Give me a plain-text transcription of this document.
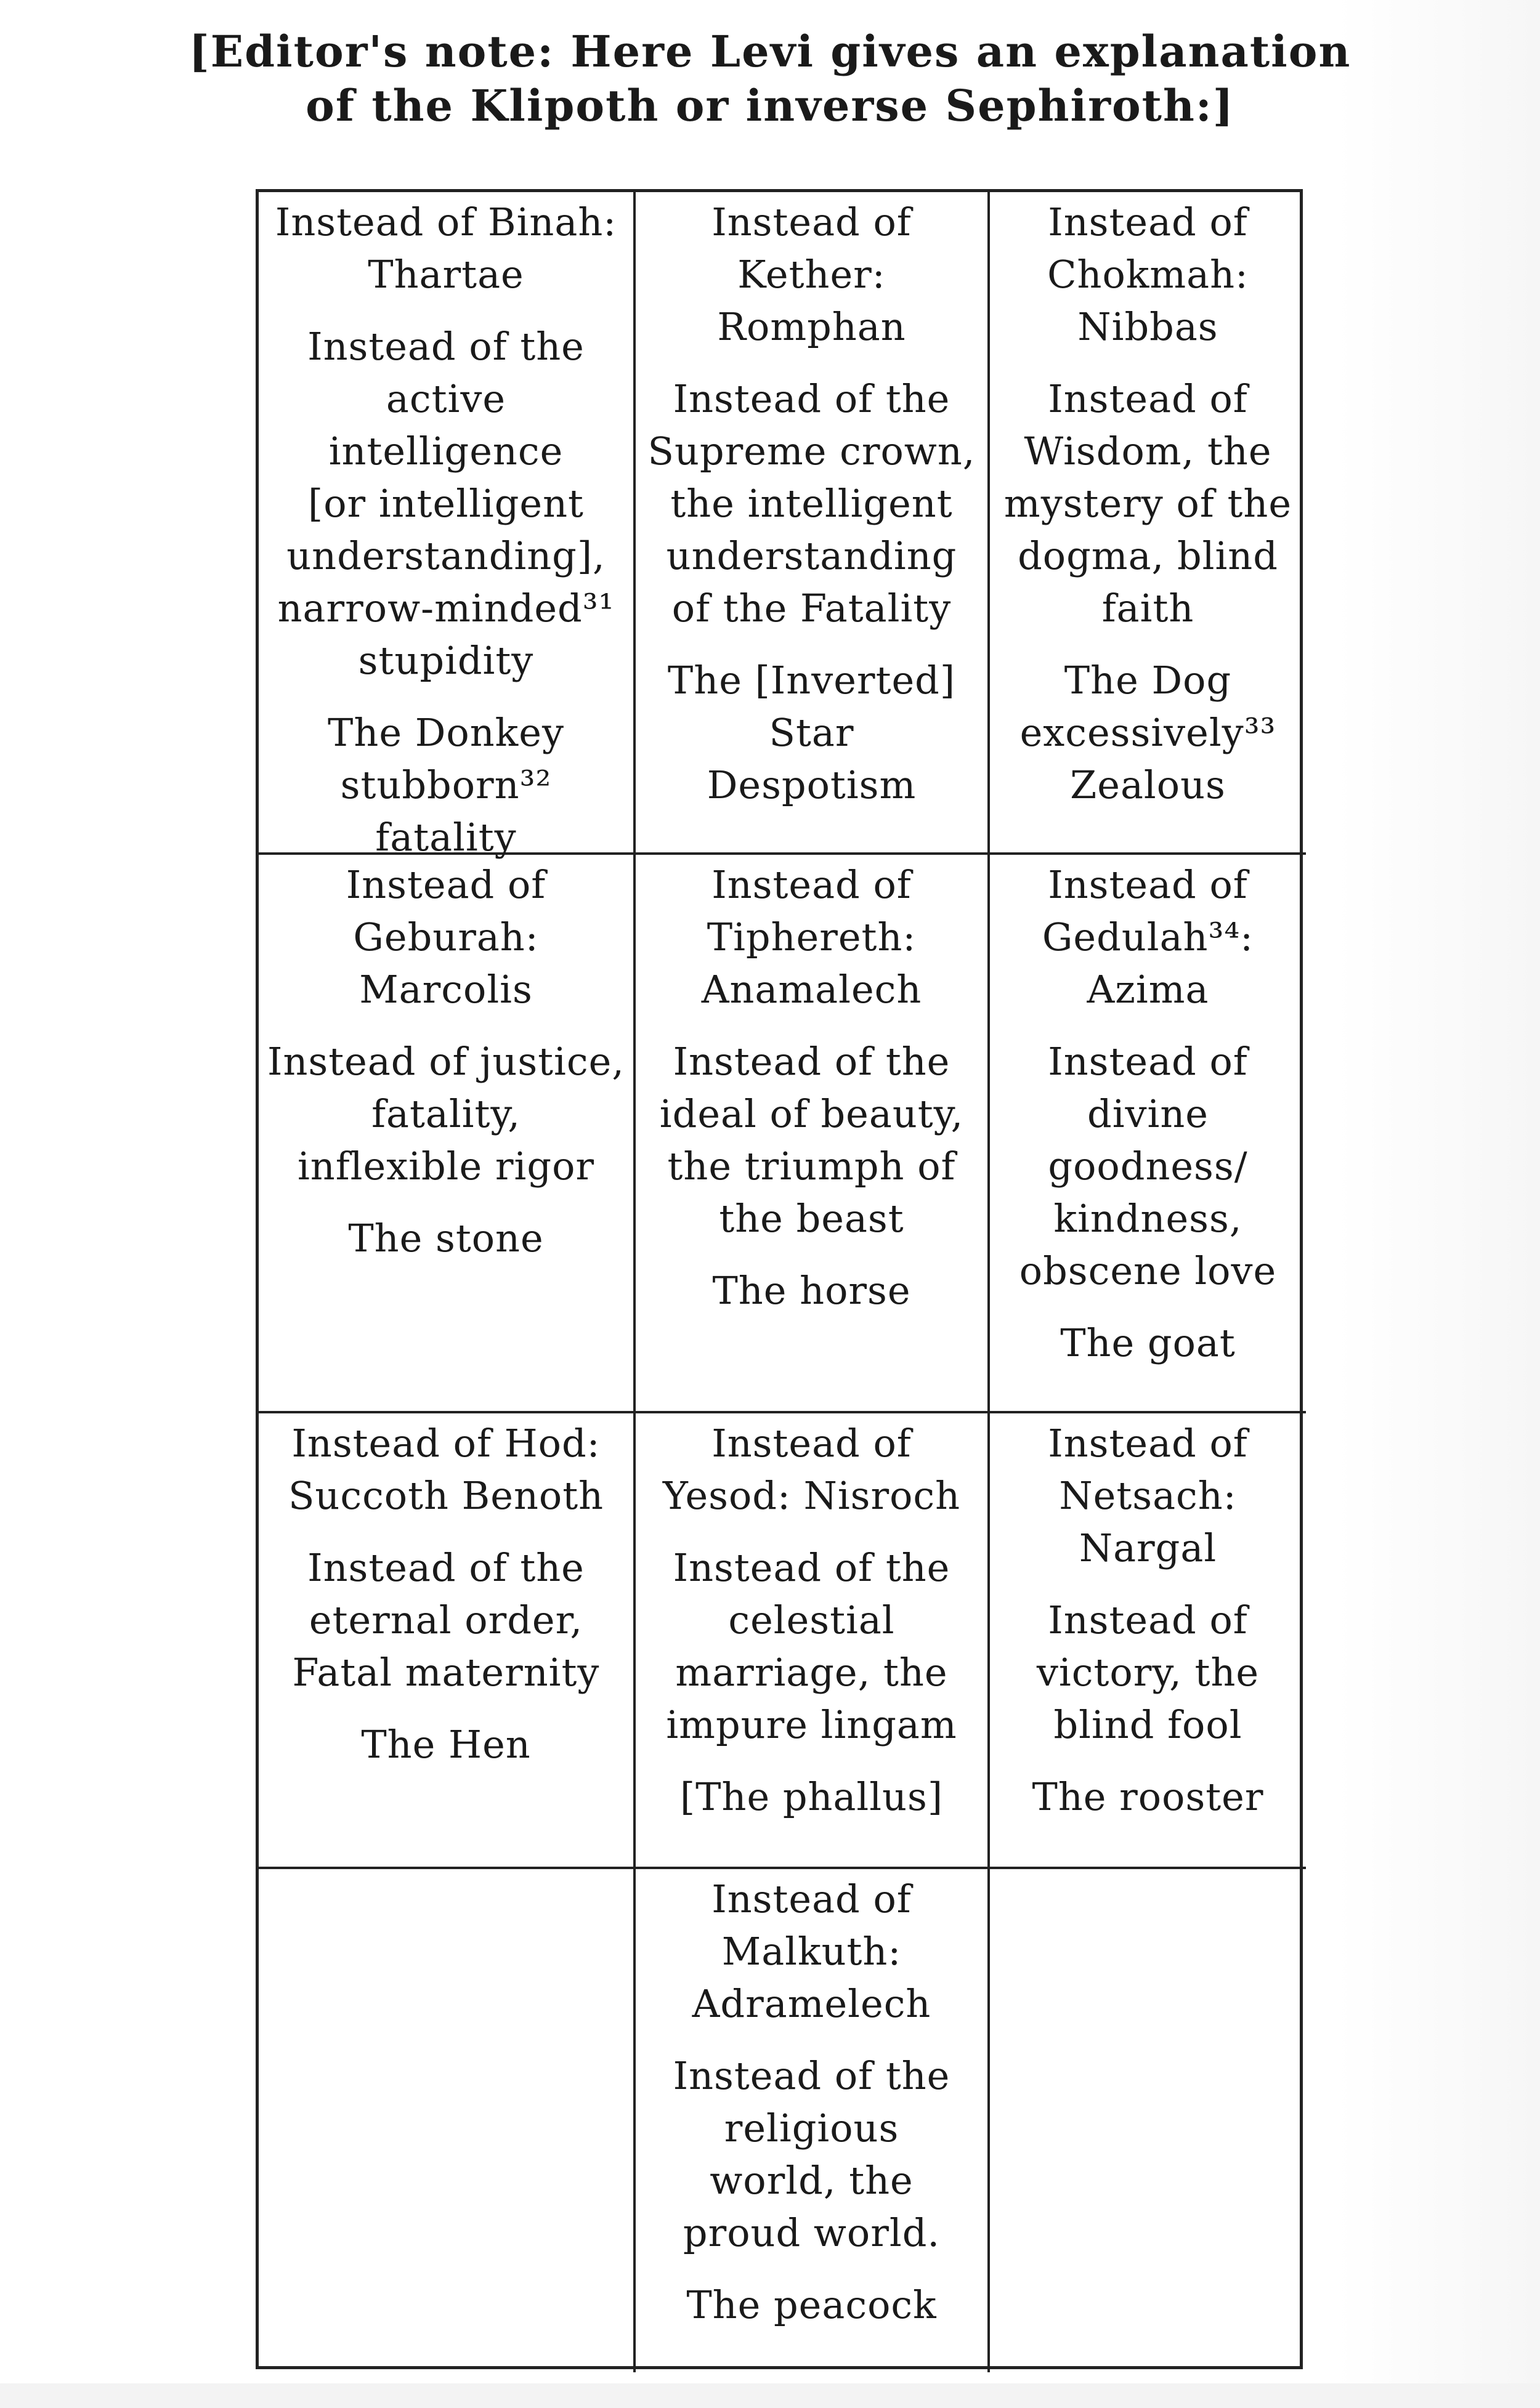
[Editor's note: Here Levi gives an explanation
of the Klipoth or inverse Sephiroth:]
Instead of Binah:
Thartae
Instead of the
active intelligence
[or intelligent
understanding],
narrow-minded³¹
stupidity
The Donkey
stubborn³²
fatality
Instead of
Kether:
Romphan
Instead of the
Supreme crown,
the intelligent
understanding
of the Fatality
The [Inverted]
Star
Despotism
Instead of
Chokmah:
Nibbas
Instead of
Wisdom, the
mystery of the
dogma, blind
faith
The Dog
excessively³³
Zealous
Instead of
Geburah:
Marcolis
Instead of justice,
fatality,
inflexible rigor
The stone
Instead of
Tiphereth:
Anamalech
Instead of the
ideal of beauty,
the triumph of
the beast
The horse
Instead of
Gedulah³⁴:
Azima
Instead of
divine
goodness/
kindness,
obscene love
The goat
Instead of Hod:
Succoth Benoth
Instead of the
eternal order,
Fatal maternity
The Hen
Instead of
Yesod: Nisroch
Instead of the
celestial
marriage, the
impure lingam
[The phallus]
Instead of
Netsach:
Nargal
Instead of
victory, the
blind fool
The rooster
Instead of
Malkuth:
Adramelech
Instead of the
religious
world, the
proud world.
The peacock
